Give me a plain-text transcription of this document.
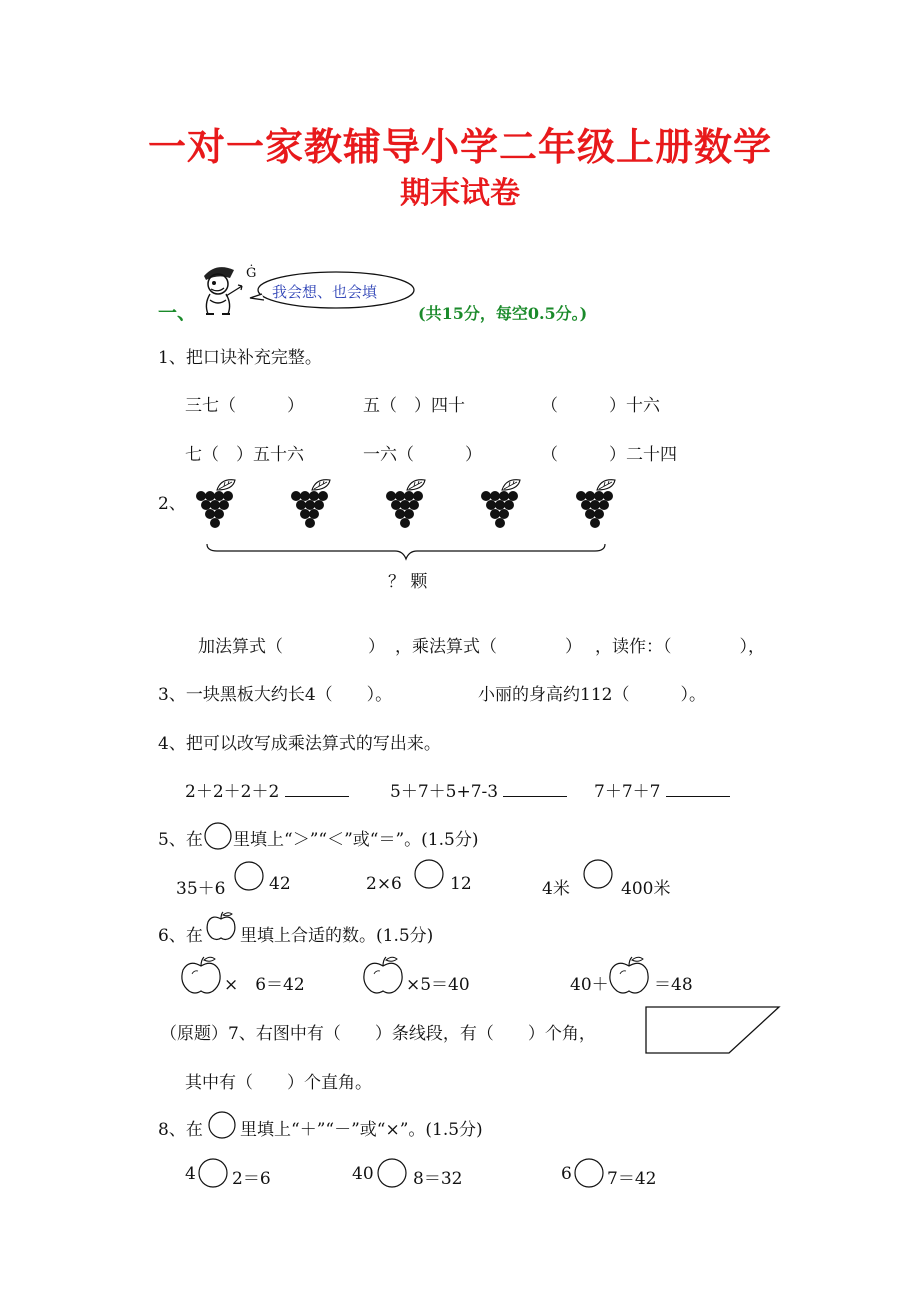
一对一家教辅导小学二年级上册数学
期末试卷
一、
Ġ
我会想、也会填
(共15分，每空0.5分。)
1、把口诀补充完整。
三七（　　　）	五（　）四十	（　　　）十六
七（　）五十六	一六（　　　）	（　　　）二十四
2、
？ 颗
加法算式（　　　　　） ，乘法算式（　　　　） ，读作：（　　　　），
3、一块黑板大约长4（　　）。	小丽的身高约112（　　　）。
4、把可以改写成乘法算式的写出来。
2＋2＋2＋2	5＋7＋5+7-3	7＋7＋7
5、在 里填上“＞”“＜”或“＝”。(1.5分)
35＋6	42	2×6	12	4米	400米
6、在 里填上合适的数。(1.5分)
×　6＝42	×5＝40	40＋	＝48
（原题）7、右图中有（　　）条线段，有（　　）个角，
其中有（　　）个直角。
8、在 里填上“＋”“－”或“×”。(1.5分)
4 2＝6	40 8＝32	6 7＝42
